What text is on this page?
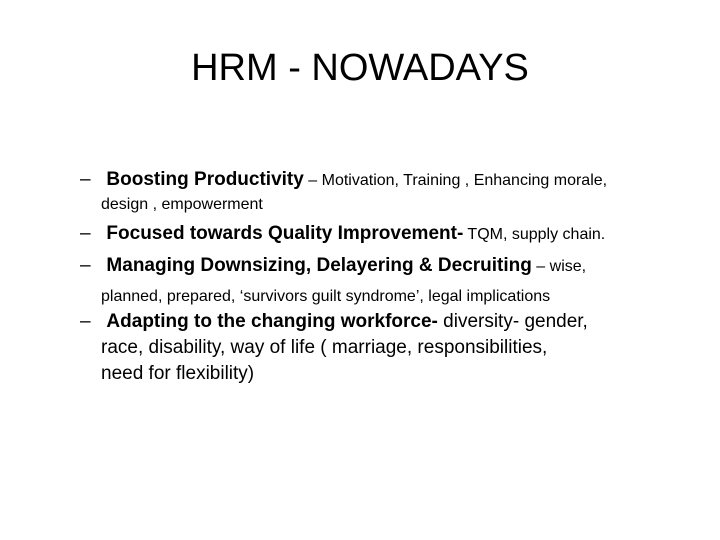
HRM - NOWADAYS
– Boosting Productivity – Motivation, Training , Enhancing morale,
design , empowerment
– Focused towards Quality Improvement- TQM, supply chain.
– Managing Downsizing, Delayering & Decruiting – wise,
planned, prepared, ‘survivors guilt syndrome’, legal implications
–   Adapting to the changing workforce- diversity- gender,
race, disability, way of life ( marriage, responsibilities,
need for flexibility)
